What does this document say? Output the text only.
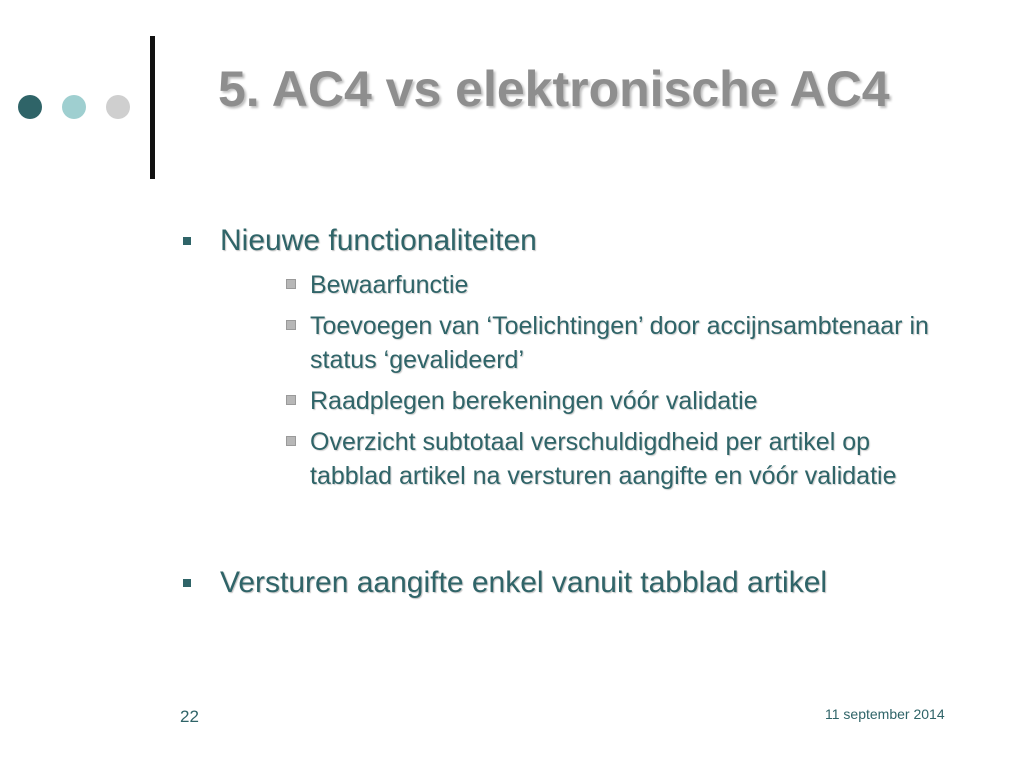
5. AC4 vs elektronische AC4
Nieuwe functionaliteiten
Bewaarfunctie
Toevoegen van ‘Toelichtingen’ door accijnsambtenaar in status ‘gevalideerd’
Raadplegen berekeningen vóór validatie
Overzicht subtotaal verschuldigdheid per artikel op tabblad artikel na versturen aangifte en vóór validatie
Versturen aangifte enkel vanuit tabblad artikel
22	11 september 2014
